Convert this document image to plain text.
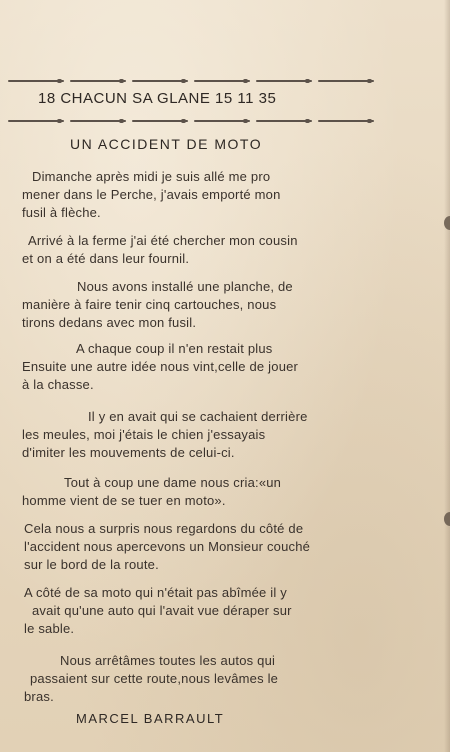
18 CHACUN SA GLANE 15 11 35
UN ACCIDENT DE MOTO
Dimanche après midi je suis allé me pro
mener dans le Perche, j'avais emporté mon
fusil à flèche.
Arrivé à la ferme j'ai été chercher mon cousin
et on a été dans leur fournil.
Nous avons installé une planche, de
manière à faire tenir cinq cartouches, nous
tirons dedans avec mon fusil.
A chaque coup il n'en restait plus
Ensuite une autre idée nous vint,celle de jouer
à la chasse.
Il y en avait qui se cachaient derrière
les meules, moi j'étais le chien j'essayais
d'imiter les mouvements de celui-ci.
Tout à coup une dame nous cria:«un
homme vient de se tuer en moto».
Cela nous a surpris nous regardons du côté de
l'accident nous apercevons un Monsieur couché
sur le bord de la route.
A côté de sa moto qui n'était pas abîmée il y
avait qu'une auto qui l'avait vue déraper sur
le sable.
Nous arrêtâmes toutes les autos qui
passaient sur cette route,nous levâmes le
bras.
MARCEL BARRAULT
